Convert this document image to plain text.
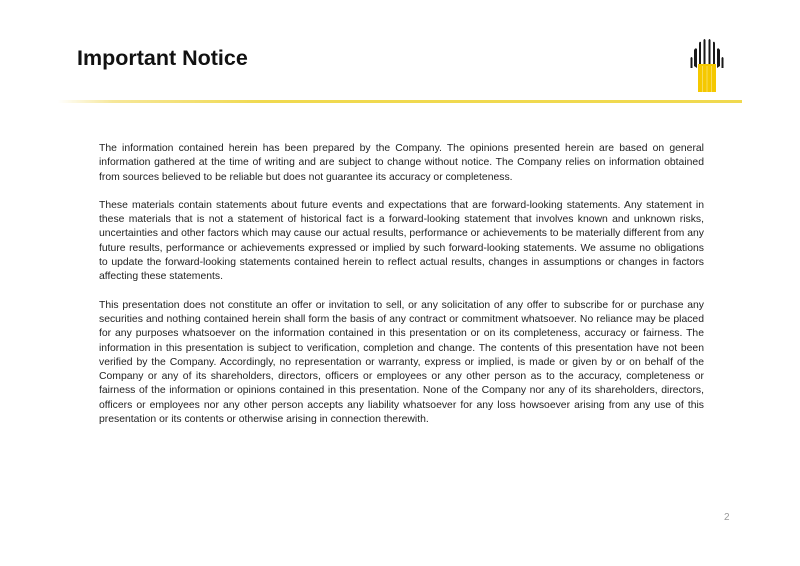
Important Notice

The information contained herein has been prepared by the Company. The opinions presented herein are based on general information gathered at the time of writing and are subject to change without notice. The Company relies on information obtained from sources believed to be reliable but does not guarantee its accuracy or completeness.

These materials contain statements about future events and expectations that are forward-looking statements. Any statement in these materials that is not a statement of historical fact is a forward-looking statement that involves known and unknown risks, uncertainties and other factors which may cause our actual results, performance or achievements to be materially different from any future results, performance or achievements expressed or implied by such forward-looking statements. We assume no obligations to update the forward-looking statements contained herein to reflect actual results, changes in assumptions or changes in factors affecting these statements.

This presentation does not constitute an offer or invitation to sell, or any solicitation of any offer to subscribe for or purchase any securities and nothing contained herein shall form the basis of any contract or commitment whatsoever. No reliance may be placed for any purposes whatsoever on the information contained in this presentation or on its completeness, accuracy or fairness. The information in this presentation is subject to verification, completion and change. The contents of this presentation have not been verified by the Company. Accordingly, no representation or warranty, express or implied, is made or given by or on behalf of the Company or any of its shareholders, directors, officers or employees or any other person as to the accuracy, completeness or fairness of the information or opinions contained in this presentation. None of the Company nor any of its shareholders, directors, officers or employees nor any other person accepts any liability whatsoever for any loss howsoever arising from any use of this presentation or its contents or otherwise arising in connection therewith.

2
